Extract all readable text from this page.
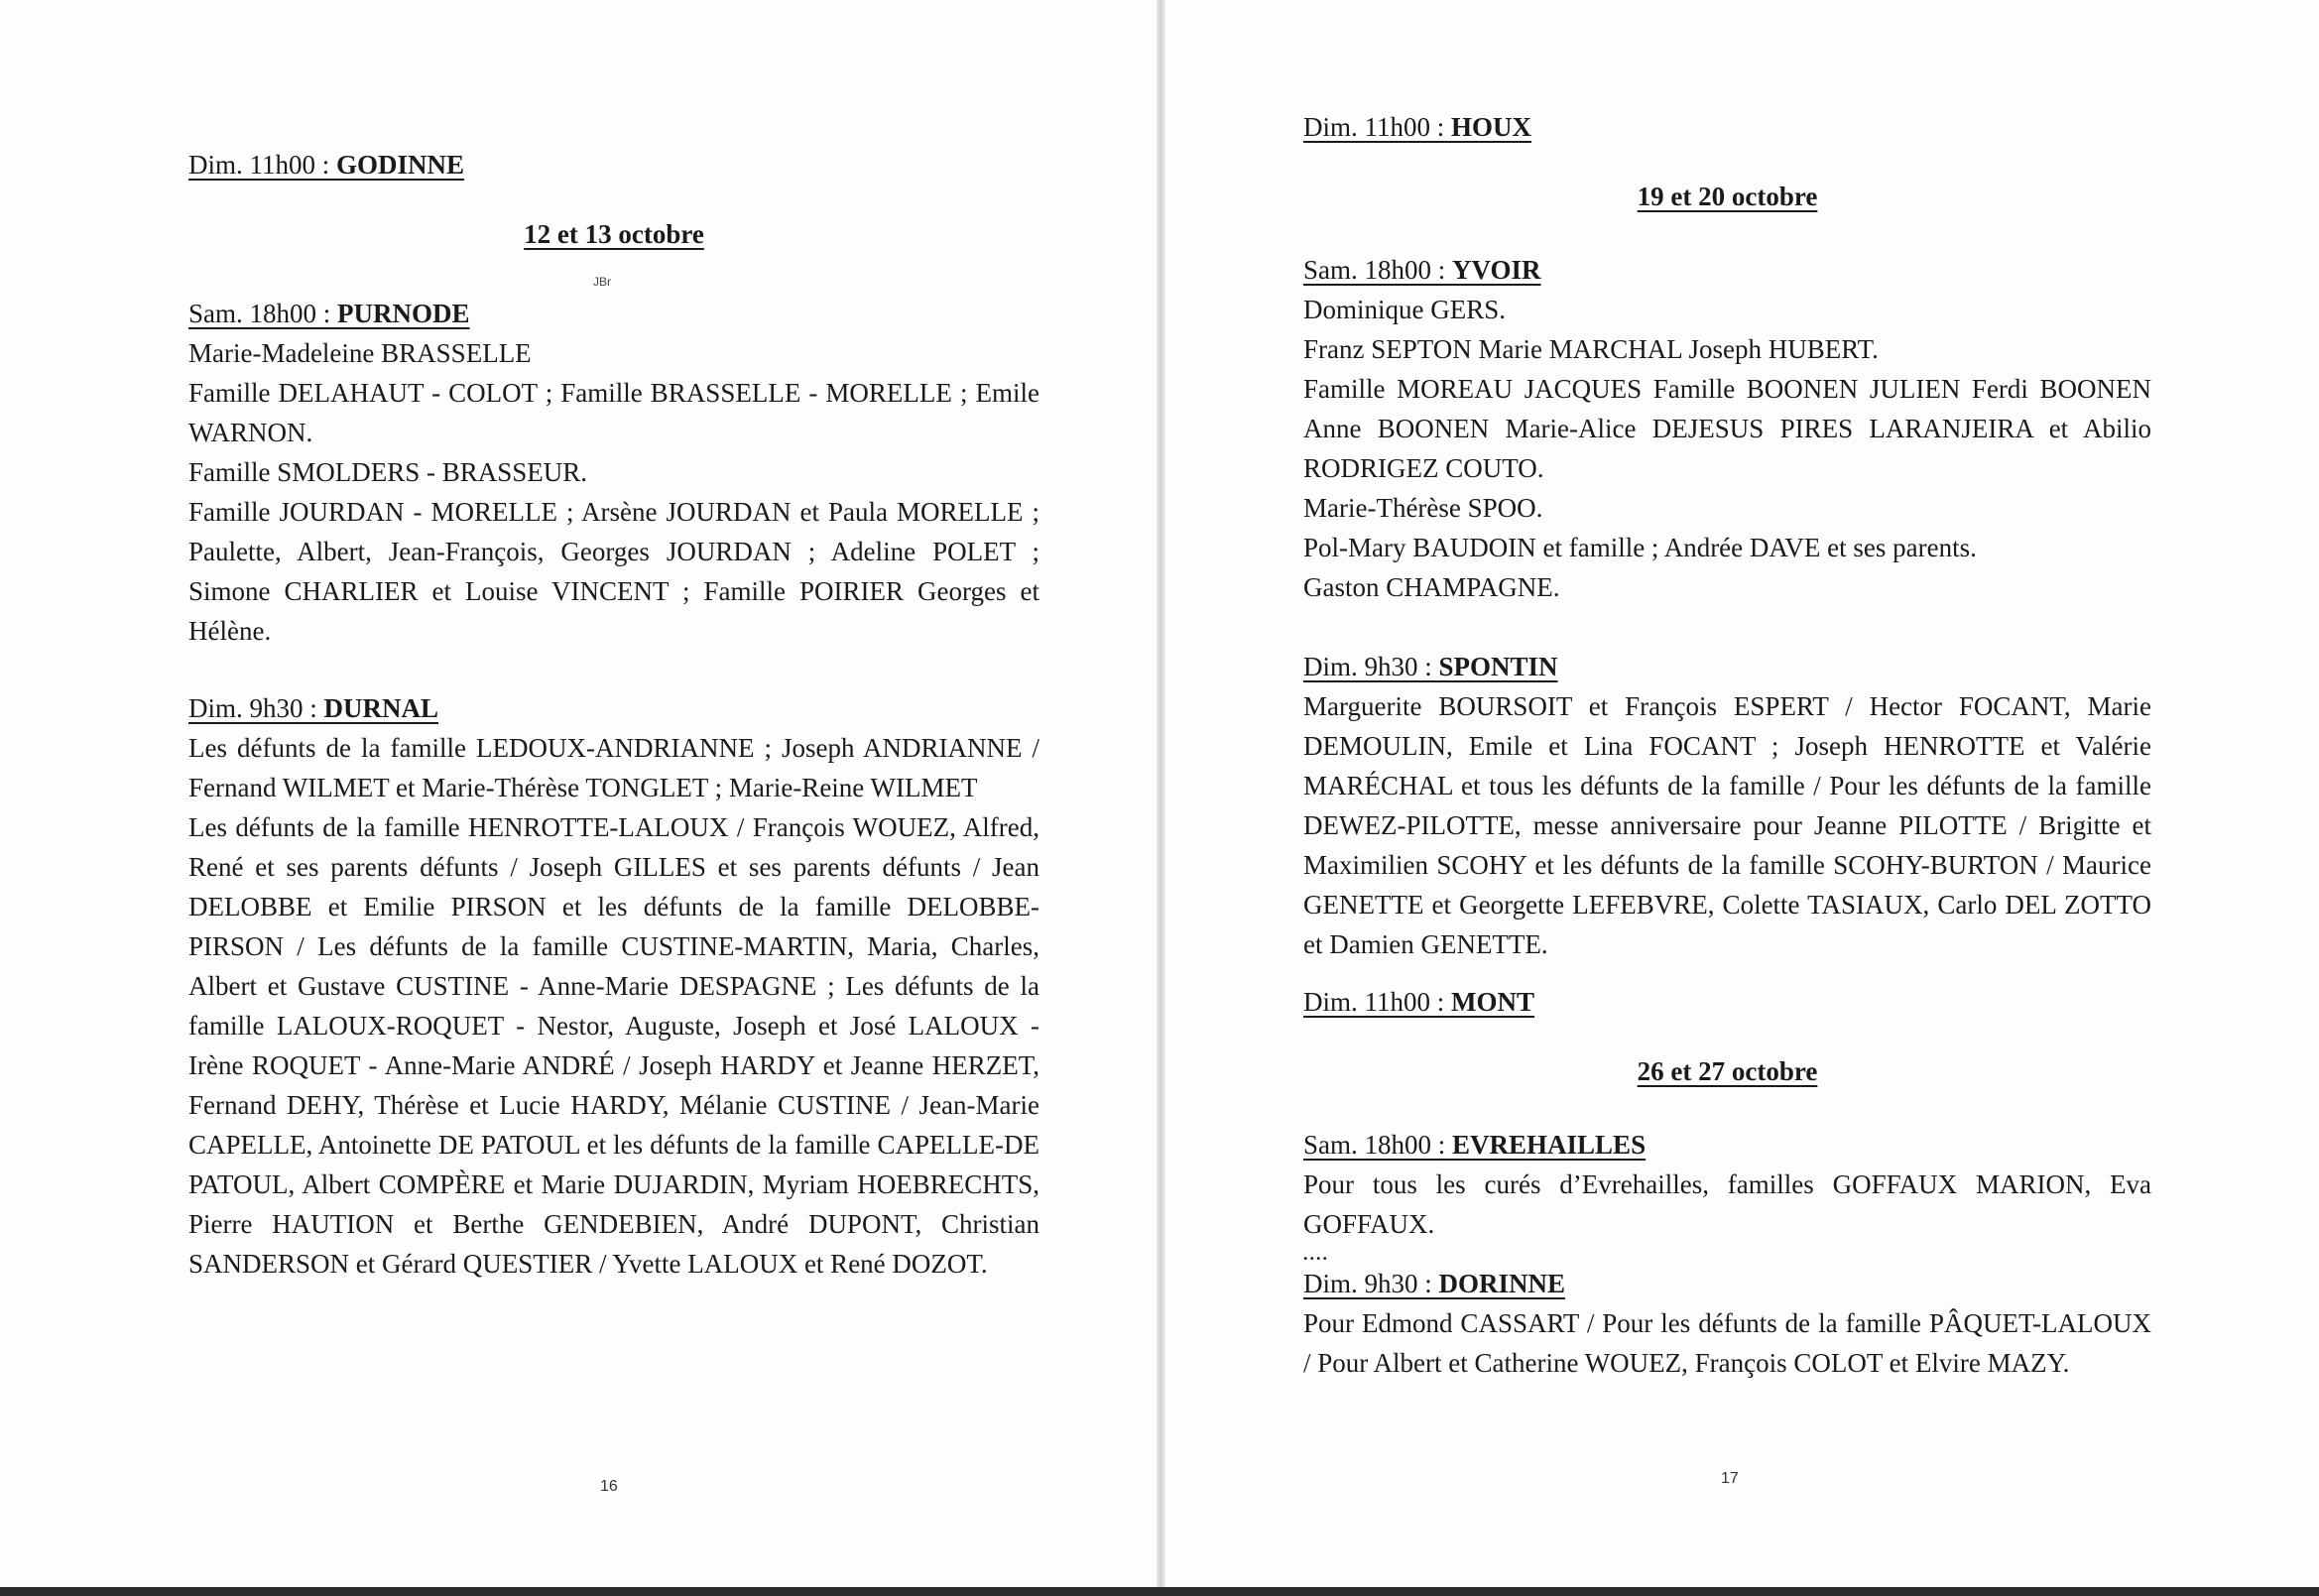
Dim. 11h00 : GODINNE
12 et 13 octobre
Sam. 18h00 : PURNODE
Marie-Madeleine BRASSELLE
Famille DELAHAUT - COLOT ; Famille BRASSELLE - MORELLE ; Emile WARNON.
Famille SMOLDERS - BRASSEUR.
Famille JOURDAN - MORELLE ; Arsène JOURDAN et Paula MORELLE ; Paulette, Albert, Jean-François, Georges JOURDAN ; Adeline POLET ; Simone CHARLIER et Louise VINCENT ; Famille POIRIER Georges et Hélène.
Dim. 9h30 : DURNAL
Les défunts de la famille LEDOUX-ANDRIANNE ; Joseph ANDRIANNE / Fernand WILMET et Marie-Thérèse TONGLET ; Marie-Reine WILMET
Les défunts de la famille HENROTTE-LALOUX / François WOUEZ, Alfred, René et ses parents défunts / Joseph GILLES et ses parents défunts / Jean DELOBBE et Emilie PIRSON et les défunts de la famille DELOBBE-PIRSON / Les défunts de la famille CUSTINE-MARTIN, Maria, Charles, Albert et Gustave CUSTINE - Anne-Marie DESPAGNE ; Les défunts de la famille LALOUX-ROQUET - Nestor, Auguste, Joseph et José LALOUX - Irène ROQUET - Anne-Marie ANDRÉ / Joseph HARDY et Jeanne HERZET, Fernand DEHY, Thérèse et Lucie HARDY, Mélanie CUSTINE / Jean-Marie CAPELLE, Antoinette DE PATOUL et les défunts de la famille CAPELLE-DE PATOUL, Albert COMPÈRE et Marie DUJARDIN, Myriam HOEBRECHTS, Pierre HAUTION et Berthe GENDEBIEN, André DUPONT, Christian SANDERSON et Gérard QUESTIER / Yvette LALOUX et René DOZOT.
JBr
16
Dim. 11h00 : HOUX
19 et 20 octobre
Sam. 18h00 : YVOIR
Dominique GERS.
Franz SEPTON Marie MARCHAL Joseph HUBERT.
Famille MOREAU JACQUES Famille BOONEN JULIEN Ferdi BOONEN Anne BOONEN Marie-Alice DEJESUS PIRES LARANJEIRA et Abilio RODRIGEZ COUTO.
Marie-Thérèse SPOO.
Pol-Mary BAUDOIN et famille ; Andrée DAVE et ses parents.
Gaston CHAMPAGNE.
Dim. 9h30 : SPONTIN
Marguerite BOURSOIT et François ESPERT / Hector FOCANT, Marie DEMOULIN, Emile et Lina FOCANT ; Joseph HENROTTE et Valérie MARÉCHAL et tous les défunts de la famille / Pour les défunts de la famille DEWEZ-PILOTTE, messe anniversaire pour Jeanne PILOTTE / Brigitte et Maximilien SCOHY et les défunts de la famille SCOHY-BURTON / Maurice GENETTE et Georgette LEFEBVRE, Colette TASIAUX, Carlo DEL ZOTTO et Damien GENETTE.
Dim. 11h00 : MONT
26 et 27 octobre
Sam. 18h00 : EVREHAILLES
Pour tous les curés d’Evrehailles, familles GOFFAUX MARION, Eva GOFFAUX.
....
Dim. 9h30 : DORINNE
Pour Edmond CASSART / Pour les défunts de la famille PÂQUET-LALOUX / Pour Albert et Catherine WOUEZ, François COLOT et Elvire MAZY.
17
